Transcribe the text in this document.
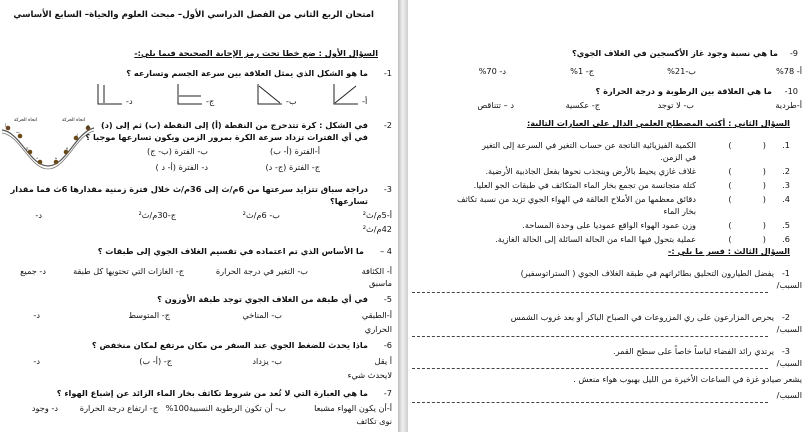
امتحان الربع الثاني من الفصل الدراسي الأول– مبحث العلوم والحياة– السابع الأساسي
السؤال الأول : ضع خطا تحت رمز الإجابة الصحيحة فيما يلي:-
1-
ما هو الشكل الذي يمثل العلاقة بين سرعة الجسم وتسارعه ؟
أ-
ب-
ج-
د-
2-
في الشكل : كرة تتدحرج من النقطة (أ) إلى النقطة (ب) ثم إلى (د)
في أي الفترات تزداد سرعة الكرة بمرور الزمن ويكون تسارعها موجبا ؟
أ-الفترة (أ- ب)
ب- الفترة (ب- ج)
ج- الفترة (ج- د)
د- الفترة (أ- د )
اتجاه الحركة	اتجاه الحركة
أ
ب
ج
د	ه
و
ز
ح
3-
دراجة سباق تتزايد سرعتها من 6م/ث إلى 36م/ث خلال فترة زمنية مقدارها 6ث فما مقدار
تسارعها؟
أ-5م/ث²
ب- 6م/ث²
ج-30م/ث²
د-
42م/ث²
4 –
ما الأساس الذي تم اعتماده في تقسيم الغلاف الجوي إلى طبقات ؟
أ- الكثافة
ب- التغير في درجة الحرارة
ج- الغازات التي تحتويها كل طبقة
د- جميع
ماسبق
5-
في أي طبقة من الغلاف الجوي توجد طبقة الأوزون ؟
أ-الطبقي
ب- المناخي
ج- المتوسط
د-
الحراري
6-
ماذا يحدث للضغط الجوي عند السفر من مكان مرتفع لمكان منخفض ؟
أ يقل
ب- يزداد
ج- (أ- ب)
د-
لايحدث شيء
7-
ما هي العبارة التي لا تُعد من شروط تكاثف بخار الماء الزائد عن إشباع الهواء ؟
أ-أن يكون الهواء مشبعا
ب- أن تكون الرطوبة النسبية100%
ج- ارتفاع درجة الحرارة
د- وجود
نوى تكاثف
9-
ما هي نسبة وجود غاز الأكسجين في الغلاف الجوي؟
أ- 78%
ب-21%
ج- 1%
د- 70%
10-
ما هي العلاقة بين الرطوبة و درجة الحرارة ؟
أ-طردية
ب- لا توجد
ج- عكسية
د – تتناقص
السؤال الثاني : أكتب المصطلح العلمي الدال على العبارات التالية:
1.
(            )
الكمية الفيزيائية الناتجة عن حساب التغير في السرعة إلى التغير
في الزمن.
2.
(            )
غلاف غازي يحيط بالأرض وينجذب نحوها بفعل الجاذبية الأرضية.
3.
(            )
كتلة متجانسة من تجمع بخار الماء المتكاثف في طبقات الجو العليا.
4.
(            )
دقائق معظمها من الأملاح العالقة في الهواء الجوي تزيد من نسبة تكاثف
بخار الماء
5.
(            )
وزن عمود الهواء الواقع عموديا على وحدة المساحة.
6.
(            )
عملية بتحول فيها الماء من الحالة السائلة إلى الحالة الغازية.
السؤال الثالث : فسر ما يلي :-
1-
يفضل الطيارون التحليق بطائراتهم في طبقة الغلاف الجوي ( الستراتوسفير)
السبب/
2-
يحرص المزارعون على ري المزروعات في الصباح الباكر أو بعد غروب الشمس
السبب/
3-
يرتدي رائد الفضاء لباساً خاصاً على سطح القمر.
السبب/
يشعر صيادو غزة في الساعات الأخيرة من الليل بهبوب هواء منعش .
السبب/
